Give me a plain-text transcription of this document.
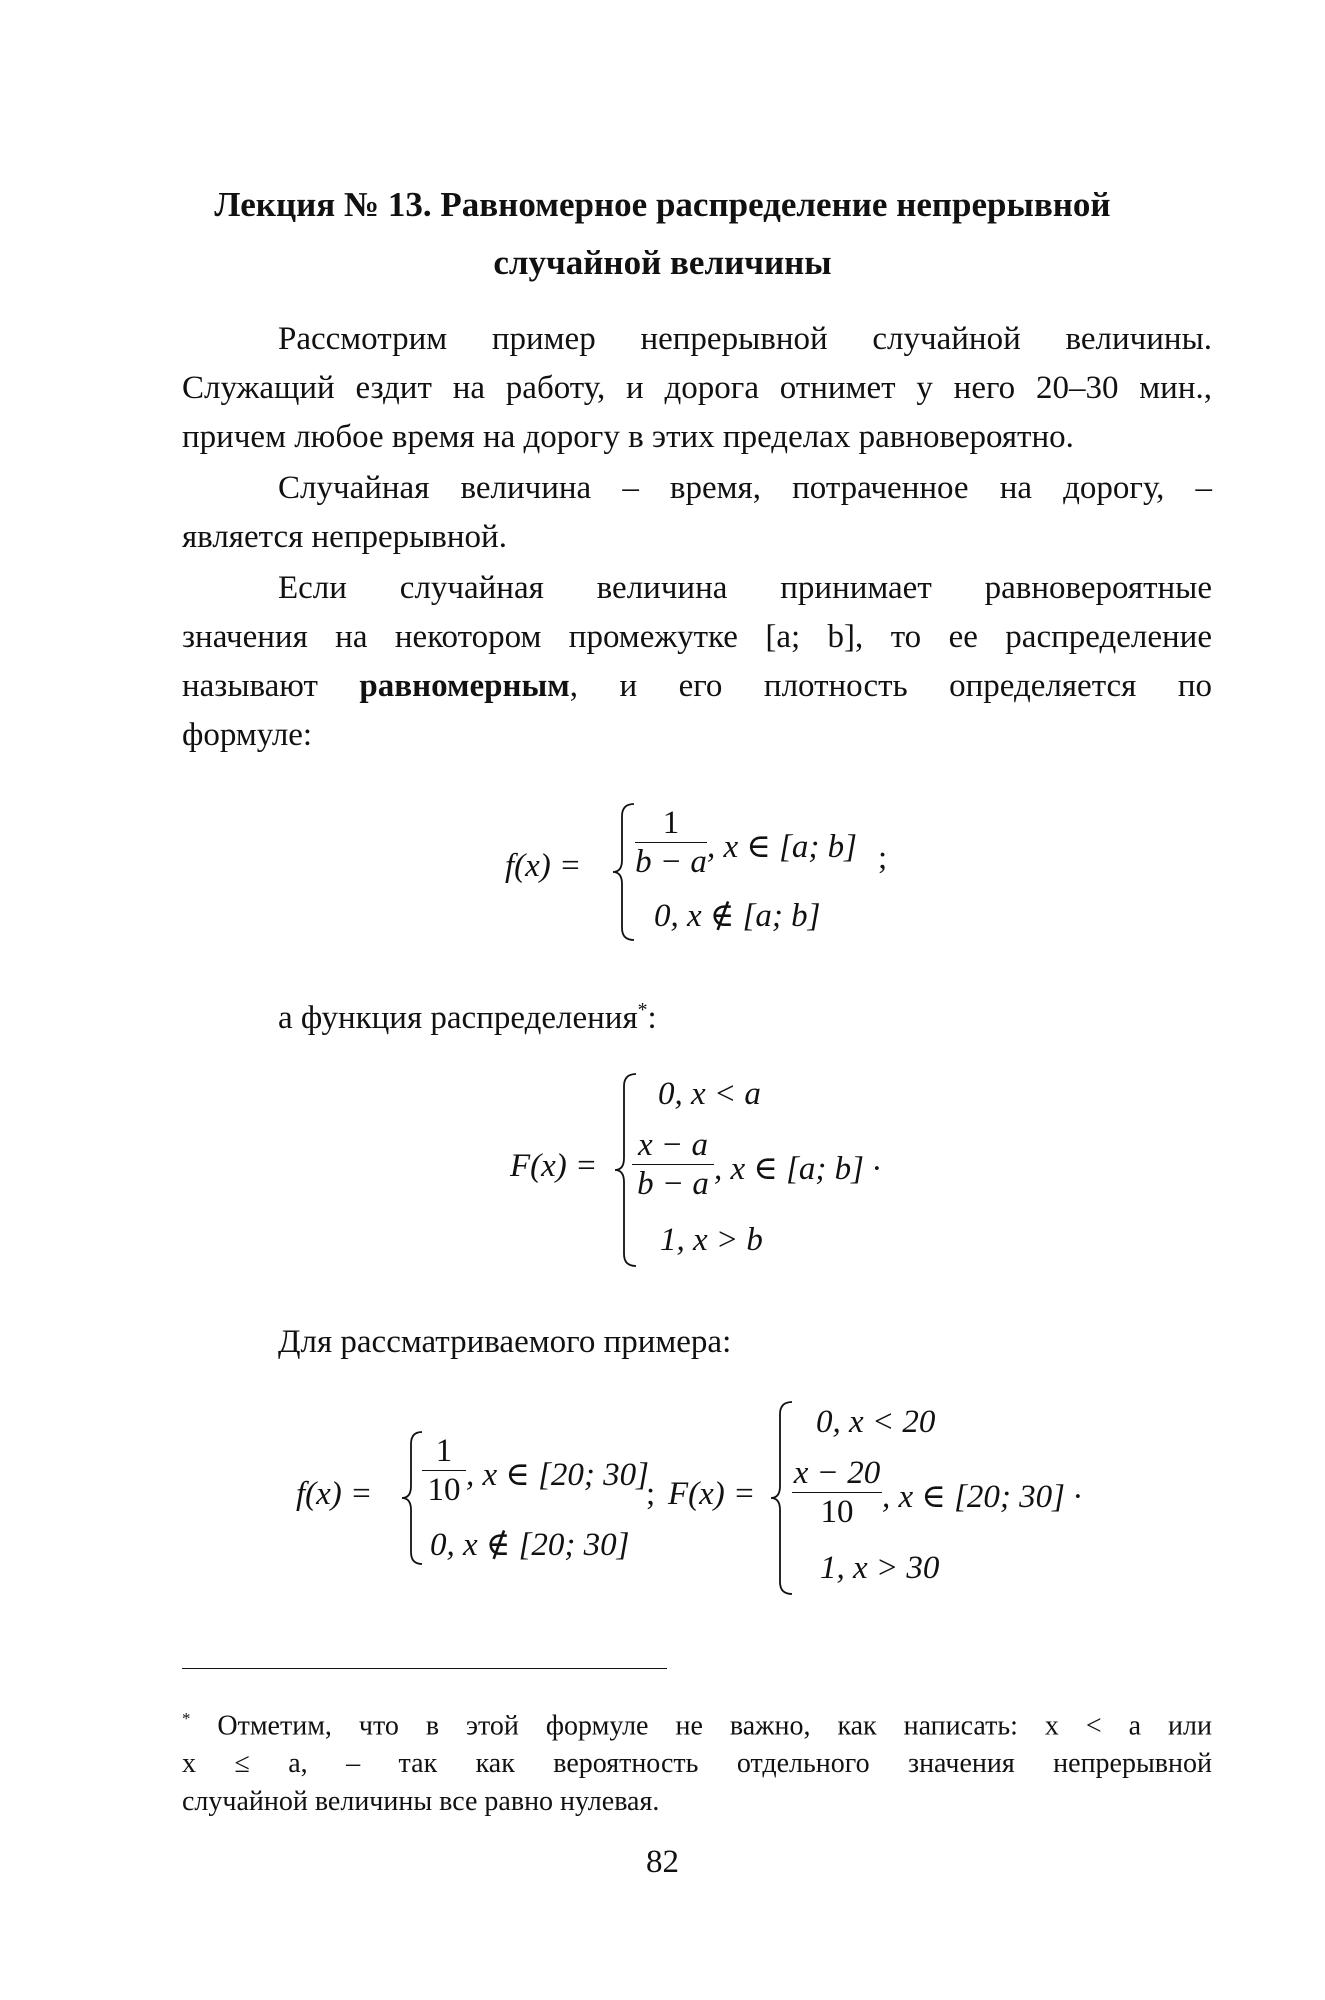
Лекция № 13. Равномерное распределение непрерывной
случайной величины
Рассмотрим пример непрерывной случайной величины.
Служащий ездит на работу, и дорога отнимет у него 20–30 мин.,
причем любое время на дорогу в этих пределах равновероятно.
Случайная величина – время, потраченное на дорогу, –
является непрерывной.
Если случайная величина принимает равновероятные
значения на некотором промежутке [a; b], то ее распределение
называют равномерным, и его плотность определяется по
формуле:
f(x) =
1
b − a , x ∈ [a; b] ;
0, x ∉ [a; b]
а функция распределения*:
F(x) =
0, x < a
x − a
b − a , x ∈ [a; b] ·
1, x > b
Для рассматриваемого примера:
f(x) =
1
10 , x ∈ [20; 30]
0, x ∉ [20; 30]
; F(x) =
0, x < 20
x − 20
10 , x ∈ [20; 30] ·
1, x > 30
* Отметим, что в этой формуле не важно, как написать: x < a или
x ≤ a, – так как вероятность отдельного значения непрерывной
случайной величины все равно нулевая.
82
